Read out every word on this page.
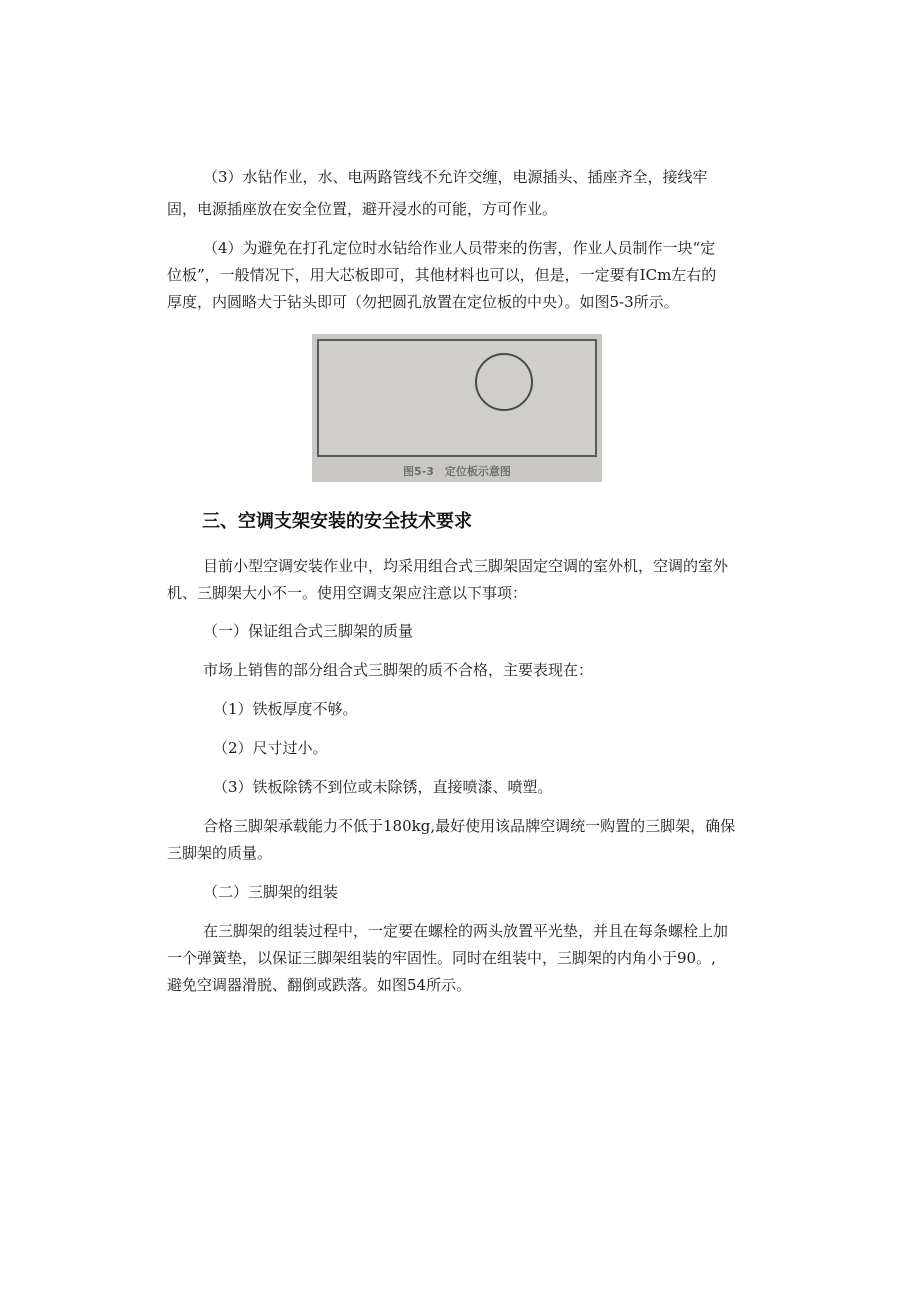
（3）水钻作业，水、电两路管线不允许交缠，电源插头、插座齐全，接线牢

固，电源插座放在安全位置，避开浸水的可能，方可作业。

（4）为避免在打孔定位时水钻给作业人员带来的伤害，作业人员制作一块“定

位板”，一般情况下，用大芯板即可，其他材料也可以，但是，一定要有ICm左右的

厚度，内圆略大于钻头即可（勿把圆孔放置在定位板的中央）。如图5-3所示。

图5-3　定位板示意图
三、空调支架安装的安全技术要求

目前小型空调安装作业中，均采用组合式三脚架固定空调的室外机，空调的室外

机、三脚架大小不一。使用空调支架应注意以下事项：

（一）保证组合式三脚架的质量

市场上销售的部分组合式三脚架的质不合格，主要表现在：

（1）铁板厚度不够。

（2）尺寸过小。

（3）铁板除锈不到位或未除锈，直接喷漆、喷塑。

合格三脚架承载能力不低于180kg,最好使用该品牌空调统一购置的三脚架，确保

三脚架的质量。

（二）三脚架的组装

在三脚架的组装过程中，一定要在螺栓的两头放置平光垫，并且在每条螺栓上加

一个弹簧垫，以保证三脚架组装的牢固性。同时在组装中，三脚架的内角小于90。,

避免空调器滑脱、翻倒或跌落。如图54所示。
